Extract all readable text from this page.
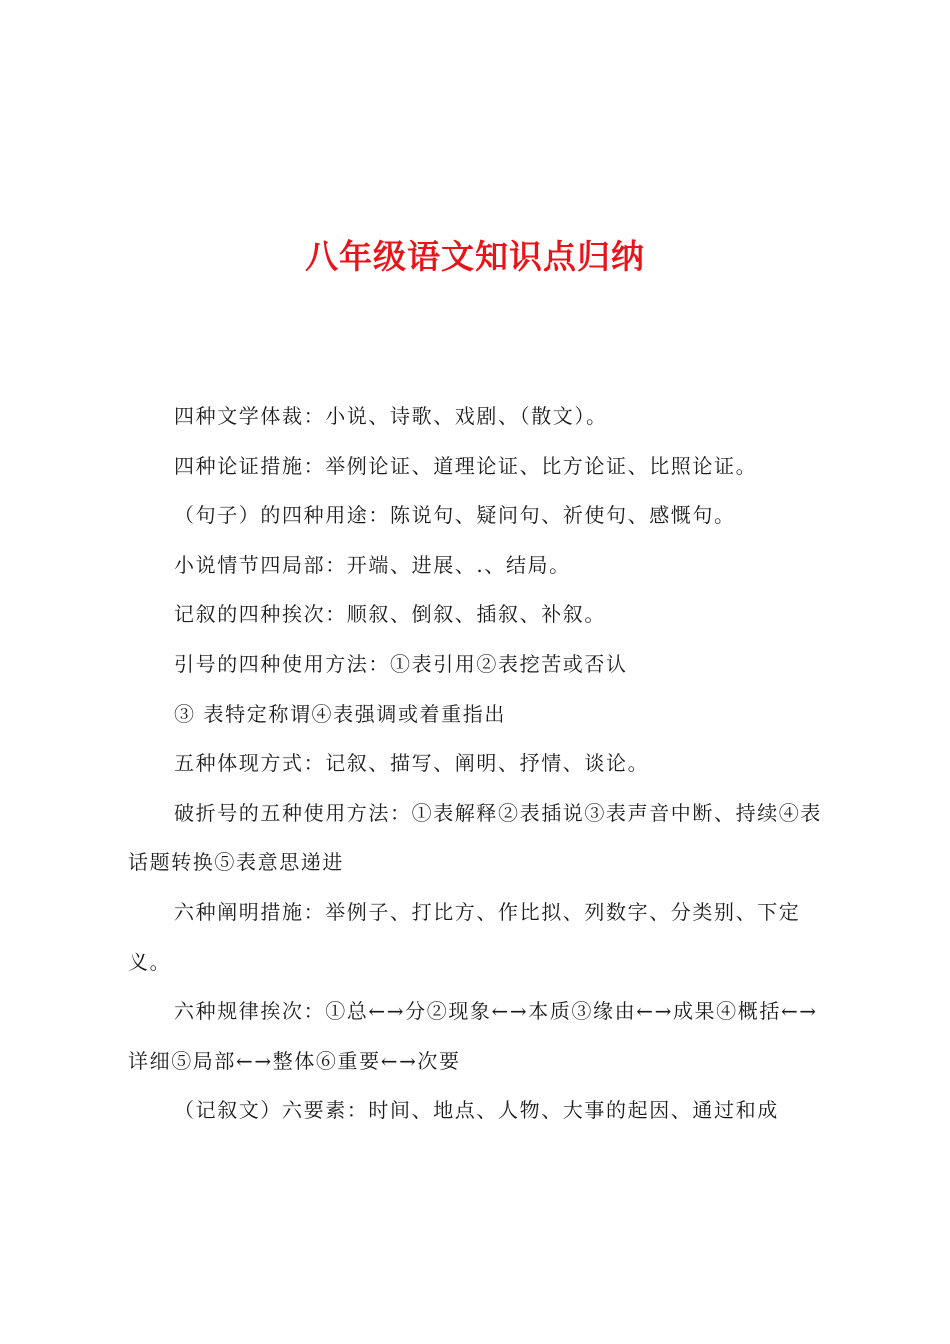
八年级语文知识点归纳

四种文学体裁：小说、诗歌、戏剧、（散文）。

四种论证措施：举例论证、道理论证、比方论证、比照论证。

（句子）的四种用途：陈说句、疑问句、祈使句、感慨句。

小说情节四局部：开端、进展、.、结局。

记叙的四种挨次：顺叙、倒叙、插叙、补叙。

引号的四种使用方法：①表引用②表挖苦或否认

③ 表特定称谓④表强调或着重指出

五种体现方式：记叙、描写、阐明、抒情、谈论。

破折号的五种使用方法：①表解释②表插说③表声音中断、持续④表话题转换⑤表意思递进

六种阐明措施：举例子、打比方、作比拟、列数字、分类别、下定义。

六种规律挨次：①总←→分②现象←→本质③缘由←→成果④概括←→详细⑤局部←→整体⑥重要←→次要

（记叙文）六要素：时间、地点、人物、大事的起因、通过和成
